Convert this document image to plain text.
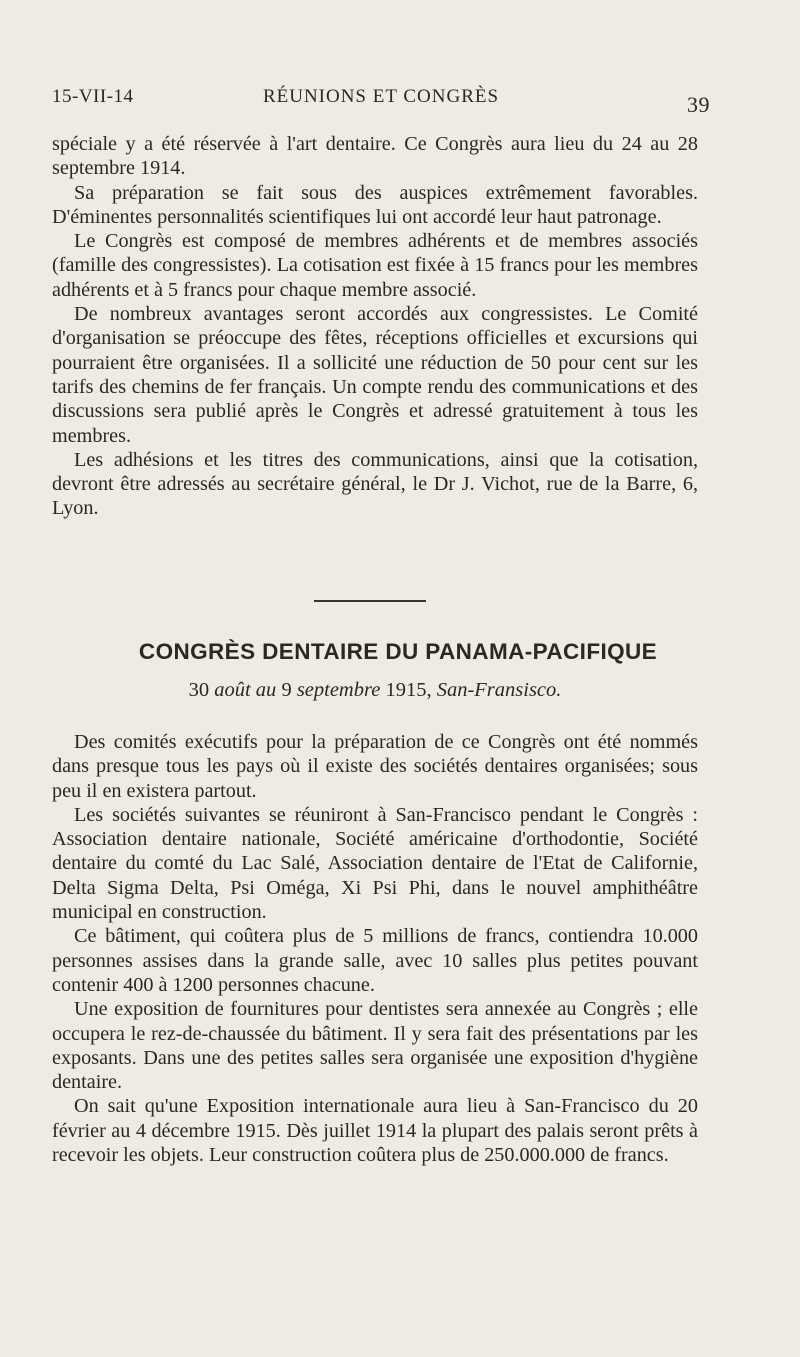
15-VII-14	RÉUNIONS ET CONGRÈS	39

spéciale y a été réservée à l'art dentaire. Ce Congrès aura lieu du 24 au 28 septembre 1914.

Sa préparation se fait sous des auspices extrêmement favorables. D'éminentes personnalités scientifiques lui ont accordé leur haut patronage.

Le Congrès est composé de membres adhérents et de membres associés (famille des congressistes). La cotisation est fixée à 15 francs pour les membres adhérents et à 5 francs pour chaque membre associé.

De nombreux avantages seront accordés aux congressistes. Le Comité d'organisation se préoccupe des fêtes, réceptions officielles et excursions qui pourraient être organisées. Il a sollicité une réduction de 50 pour cent sur les tarifs des chemins de fer français. Un compte rendu des communications et des discussions sera publié après le Congrès et adressé gratuitement à tous les membres.

Les adhésions et les titres des communications, ainsi que la cotisation, devront être adressés au secrétaire général, le Dr J. Vichot, rue de la Barre, 6, Lyon.

CONGRÈS DENTAIRE DU PANAMA-PACIFIQUE
30 août au 9 septembre 1915, San-Fransisco.

Des comités exécutifs pour la préparation de ce Congrès ont été nommés dans presque tous les pays où il existe des sociétés dentaires organisées; sous peu il en existera partout.

Les sociétés suivantes se réuniront à San-Francisco pendant le Congrès : Association dentaire nationale, Société américaine d'orthodontie, Société dentaire du comté du Lac Salé, Association dentaire de l'Etat de Californie, Delta Sigma Delta, Psi Oméga, Xi Psi Phi, dans le nouvel amphithéâtre municipal en construction.

Ce bâtiment, qui coûtera plus de 5 millions de francs, contiendra 10.000 personnes assises dans la grande salle, avec 10 salles plus petites pouvant contenir 400 à 1200 personnes chacune.

Une exposition de fournitures pour dentistes sera annexée au Congrès ; elle occupera le rez-de-chaussée du bâtiment. Il y sera fait des présentations par les exposants. Dans une des petites salles sera organisée une exposition d'hygiène dentaire.

On sait qu'une Exposition internationale aura lieu à San-Francisco du 20 février au 4 décembre 1915. Dès juillet 1914 la plupart des palais seront prêts à recevoir les objets. Leur construction coûtera plus de 250.000.000 de francs.
